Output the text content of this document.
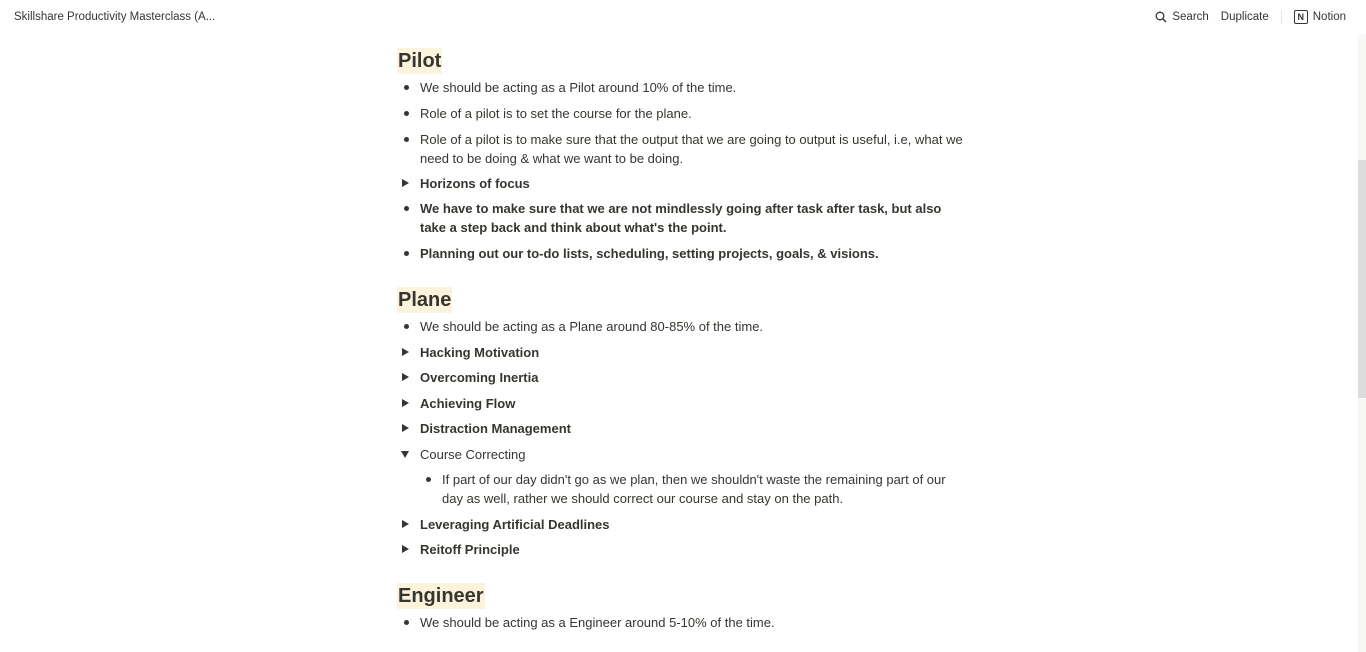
Skillshare Productivity Masterclass (A...	Search Duplicate	N Notion
Pilot
We should be acting as a Pilot around 10% of the time.
Role of a pilot is to set the course for the plane.
Role of a pilot is to make sure that the output that we are going to output is useful, i.e, what we need to be doing & what we want to be doing.
Horizons of focus
We have to make sure that we are not mindlessly going after task after task, but also take a step back and think about what's the point.
Planning out our to-do lists, scheduling, setting projects, goals, & visions.
Plane
We should be acting as a Plane around 80-85% of the time.
Hacking Motivation
Overcoming Inertia
Achieving Flow
Distraction Management
Course Correcting
If part of our day didn't go as we plan, then we shouldn't waste the remaining part of our day as well, rather we should correct our course and stay on the path.
Leveraging Artificial Deadlines
Reitoff Principle
Engineer
We should be acting as a Engineer around 5-10% of the time.
